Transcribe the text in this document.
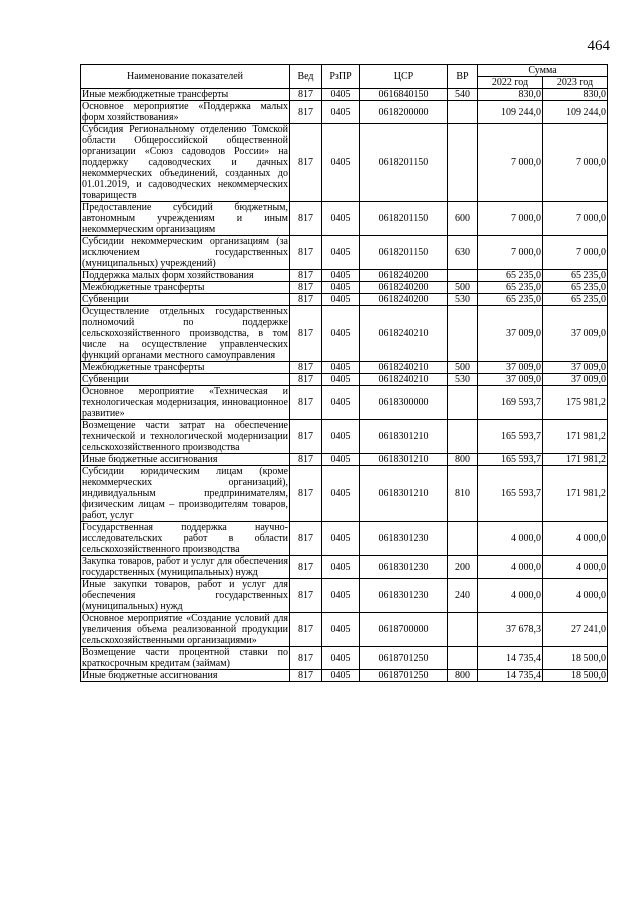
464
Наименование показателей	Вед	РзПР	ЦСР	ВР	Сумма	
					2022 год	2023 год
Иные межбюджетные трансферты	817	0405	0616840150	540	830,0	830,0
Основное мероприятие «Поддержка малых форм хозяйствования»	817	0405	0618200000		109 244,0	109 244,0
Субсидия Региональному отделению Томской области Общероссийской общественной организации «Союз садоводов России» на поддержку садоводческих и дачных некоммерческих объединений, созданных до 01.01.2019, и садоводческих некоммерческих товариществ	817	0405	0618201150		7 000,0	7 000,0
Предоставление субсидий бюджетным, автономным учреждениям и иным некоммерческим организациям	817	0405	0618201150	600	7 000,0	7 000,0
Субсидии некоммерческим организациям (за исключением государственных (муниципальных) учреждений)	817	0405	0618201150	630	7 000,0	7 000,0
Поддержка малых форм хозяйствования	817	0405	0618240200		65 235,0	65 235,0
Межбюджетные трансферты	817	0405	0618240200	500	65 235,0	65 235,0
Субвенции	817	0405	0618240200	530	65 235,0	65 235,0
Осуществление отдельных государственных полномочий по поддержке сельскохозяйственного производства, в том числе на осуществление управленческих функций органами местного самоуправления	817	0405	0618240210		37 009,0	37 009,0
Межбюджетные трансферты	817	0405	0618240210	500	37 009,0	37 009,0
Субвенции	817	0405	0618240210	530	37 009,0	37 009,0
Основное мероприятие «Техническая и технологическая модернизация, инновационное развитие»	817	0405	0618300000		169 593,7	175 981,2
Возмещение части затрат на обеспечение технической и технологической модернизации сельскохозяйственного производства	817	0405	0618301210		165 593,7	171 981,2
Иные бюджетные ассигнования	817	0405	0618301210	800	165 593,7	171 981,2
Субсидии юридическим лицам (кроме некоммерческих организаций), индивидуальным предпринимателям, физическим лицам – производителям товаров, работ, услуг	817	0405	0618301210	810	165 593,7	171 981,2
Государственная поддержка научно-исследовательских работ в области сельскохозяйственного производства	817	0405	0618301230		4 000,0	4 000,0
Закупка товаров, работ и услуг для обеспечения государственных (муниципальных) нужд	817	0405	0618301230	200	4 000,0	4 000,0
Иные закупки товаров, работ и услуг для обеспечения государственных (муниципальных) нужд	817	0405	0618301230	240	4 000,0	4 000,0
Основное мероприятие «Создание условий для увеличения объема реализованной продукции сельскохозяйственными организациями»	817	0405	0618700000		37 678,3	27 241,0
Возмещение части процентной ставки по краткосрочным кредитам (займам)	817	0405	0618701250		14 735,4	18 500,0
Иные бюджетные ассигнования	817	0405	0618701250	800	14 735,4	18 500,0
